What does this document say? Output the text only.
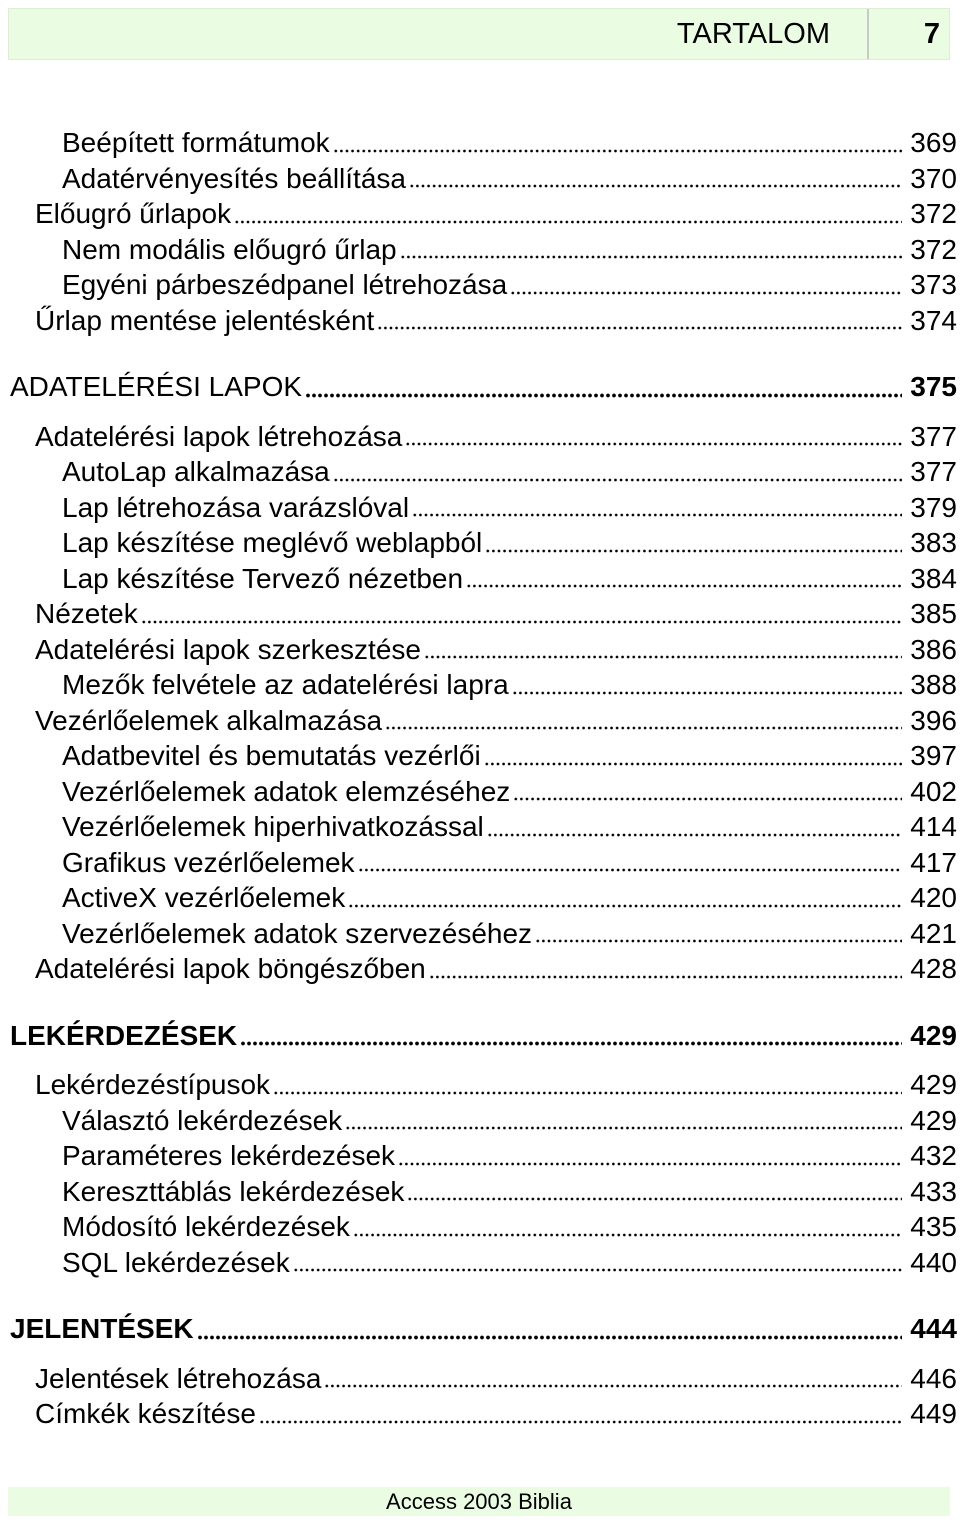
TARTALOM	7
Beépített formátumok	369
Adatérvényesítés beállítása	370
Előugró űrlapok	372
Nem modális előugró űrlap	372
Egyéni párbeszédpanel létrehozása	373
Űrlap mentése jelentésként	374
ADATELÉRÉSI LAPOK	375
Adatelérési lapok létrehozása	377
AutoLap alkalmazása	377
Lap létrehozása varázslóval	379
Lap készítése meglévő weblapból	383
Lap készítése Tervező nézetben	384
Nézetek	385
Adatelérési lapok szerkesztése	386
Mezők felvétele az adatelérési lapra	388
Vezérlőelemek alkalmazása	396
Adatbevitel és bemutatás vezérlői	397
Vezérlőelemek adatok elemzéséhez	402
Vezérlőelemek hiperhivatkozással	414
Grafikus vezérlőelemek	417
ActiveX vezérlőelemek	420
Vezérlőelemek adatok szervezéséhez	421
Adatelérési lapok böngészőben	428
LEKÉRDEZÉSEK	429
Lekérdezéstípusok	429
Választó lekérdezések	429
Paraméteres lekérdezések	432
Kereszttáblás lekérdezések	433
Módosító lekérdezések	435
SQL lekérdezések	440
JELENTÉSEK	444
Jelentések létrehozása	446
Címkék készítése	449
Access 2003 Biblia
